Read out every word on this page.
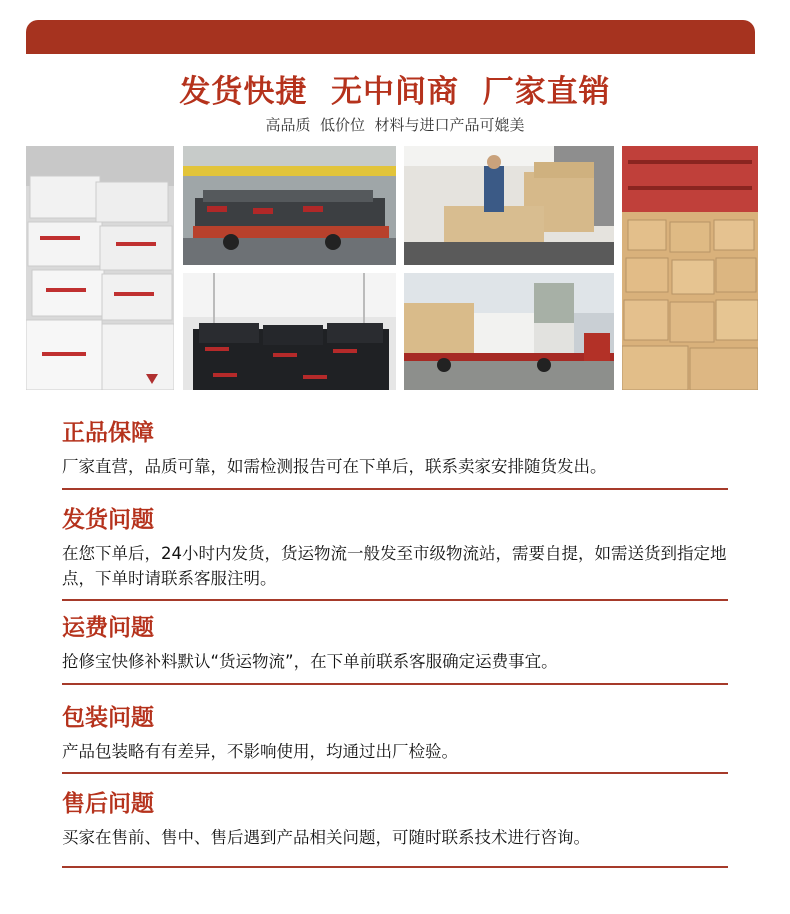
发货快捷  无中间商  厂家直销
高品质  低价位  材料与进口产品可媲美
正品保障
厂家直营，品质可靠，如需检测报告可在下单后，联系卖家安排随货发出。
发货问题
在您下单后，24小时内发货，货运物流一般发至市级物流站，需要自提，如需送货到指定地点，下单时请联系客服注明。
运费问题
抢修宝快修补料默认“货运物流”，在下单前联系客服确定运费事宜。
包装问题
产品包装略有有差异，不影响使用，均通过出厂检验。
售后问题
买家在售前、售中、售后遇到产品相关问题，可随时联系技术进行咨询。
